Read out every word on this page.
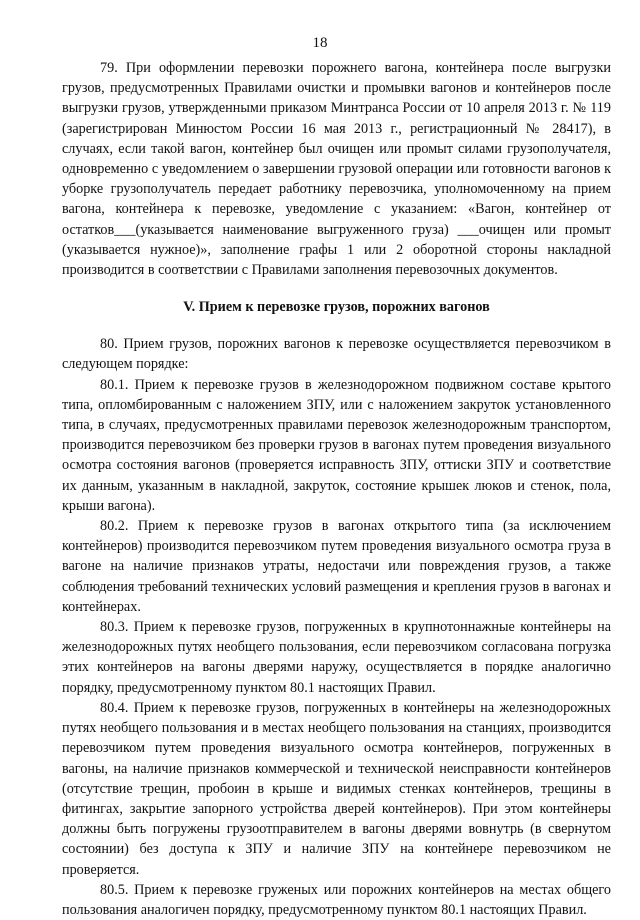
18

79. При оформлении перевозки порожнего вагона, контейнера после выгрузки грузов, предусмотренных Правилами очистки и промывки вагонов и контейнеров после выгрузки грузов, утвержденными приказом Минтранса России от 10 апреля 2013 г. № 119 (зарегистрирован Минюстом России 16 мая 2013 г., регистрационный № 28417), в случаях, если такой вагон, контейнер был очищен или промыт силами грузополучателя, одновременно с уведомлением о завершении грузовой операции или готовности вагонов к уборке грузополучатель передает работнику перевозчика, уполномоченному на прием вагона, контейнера к перевозке, уведомление с указанием: «Вагон, контейнер от остатков___(указывается наименование выгруженного груза) ___очищен или промыт (указывается нужное)», заполнение графы 1 или 2 оборотной стороны накладной производится в соответствии с Правилами заполнения перевозочных документов.

V. Прием к перевозке грузов, порожних вагонов

80. Прием грузов, порожних вагонов к перевозке осуществляется перевозчиком в следующем порядке:

80.1. Прием к перевозке грузов в железнодорожном подвижном составе крытого типа, опломбированным с наложением ЗПУ, или с наложением закруток установленного типа, в случаях, предусмотренных правилами перевозок железнодорожным транспортом, производится перевозчиком без проверки грузов в вагонах путем проведения визуального осмотра состояния вагонов (проверяется исправность ЗПУ, оттиски ЗПУ и соответствие их данным, указанным в накладной, закруток, состояние крышек люков и стенок, пола, крыши вагона).

80.2. Прием к перевозке грузов в вагонах открытого типа (за исключением контейнеров) производится перевозчиком путем проведения визуального осмотра груза в вагоне на наличие признаков утраты, недостачи или повреждения грузов, а также соблюдения требований технических условий размещения и крепления грузов в вагонах и контейнерах.

80.3. Прием к перевозке грузов, погруженных в крупнотоннажные контейнеры на железнодорожных путях необщего пользования, если перевозчиком согласована погрузка этих контейнеров на вагоны дверями наружу, осуществляется в порядке аналогично порядку, предусмотренному пунктом 80.1 настоящих Правил.

80.4. Прием к перевозке грузов, погруженных в контейнеры на железнодорожных путях необщего пользования и в местах необщего пользования на станциях, производится перевозчиком путем проведения визуального осмотра контейнеров, погруженных в вагоны, на наличие признаков коммерческой и технической неисправности контейнеров (отсутствие трещин, пробоин в крыше и видимых стенках контейнеров, трещины в фитингах, закрытие запорного устройства дверей контейнеров). При этом контейнеры должны быть погружены грузоотправителем в вагоны дверями вовнутрь (в свернутом состоянии) без доступа к ЗПУ и наличие ЗПУ на контейнере перевозчиком не проверяется.

80.5. Прием к перевозке груженых или порожних контейнеров на местах общего пользования аналогичен порядку, предусмотренному пунктом 80.1 настоящих Правил.
